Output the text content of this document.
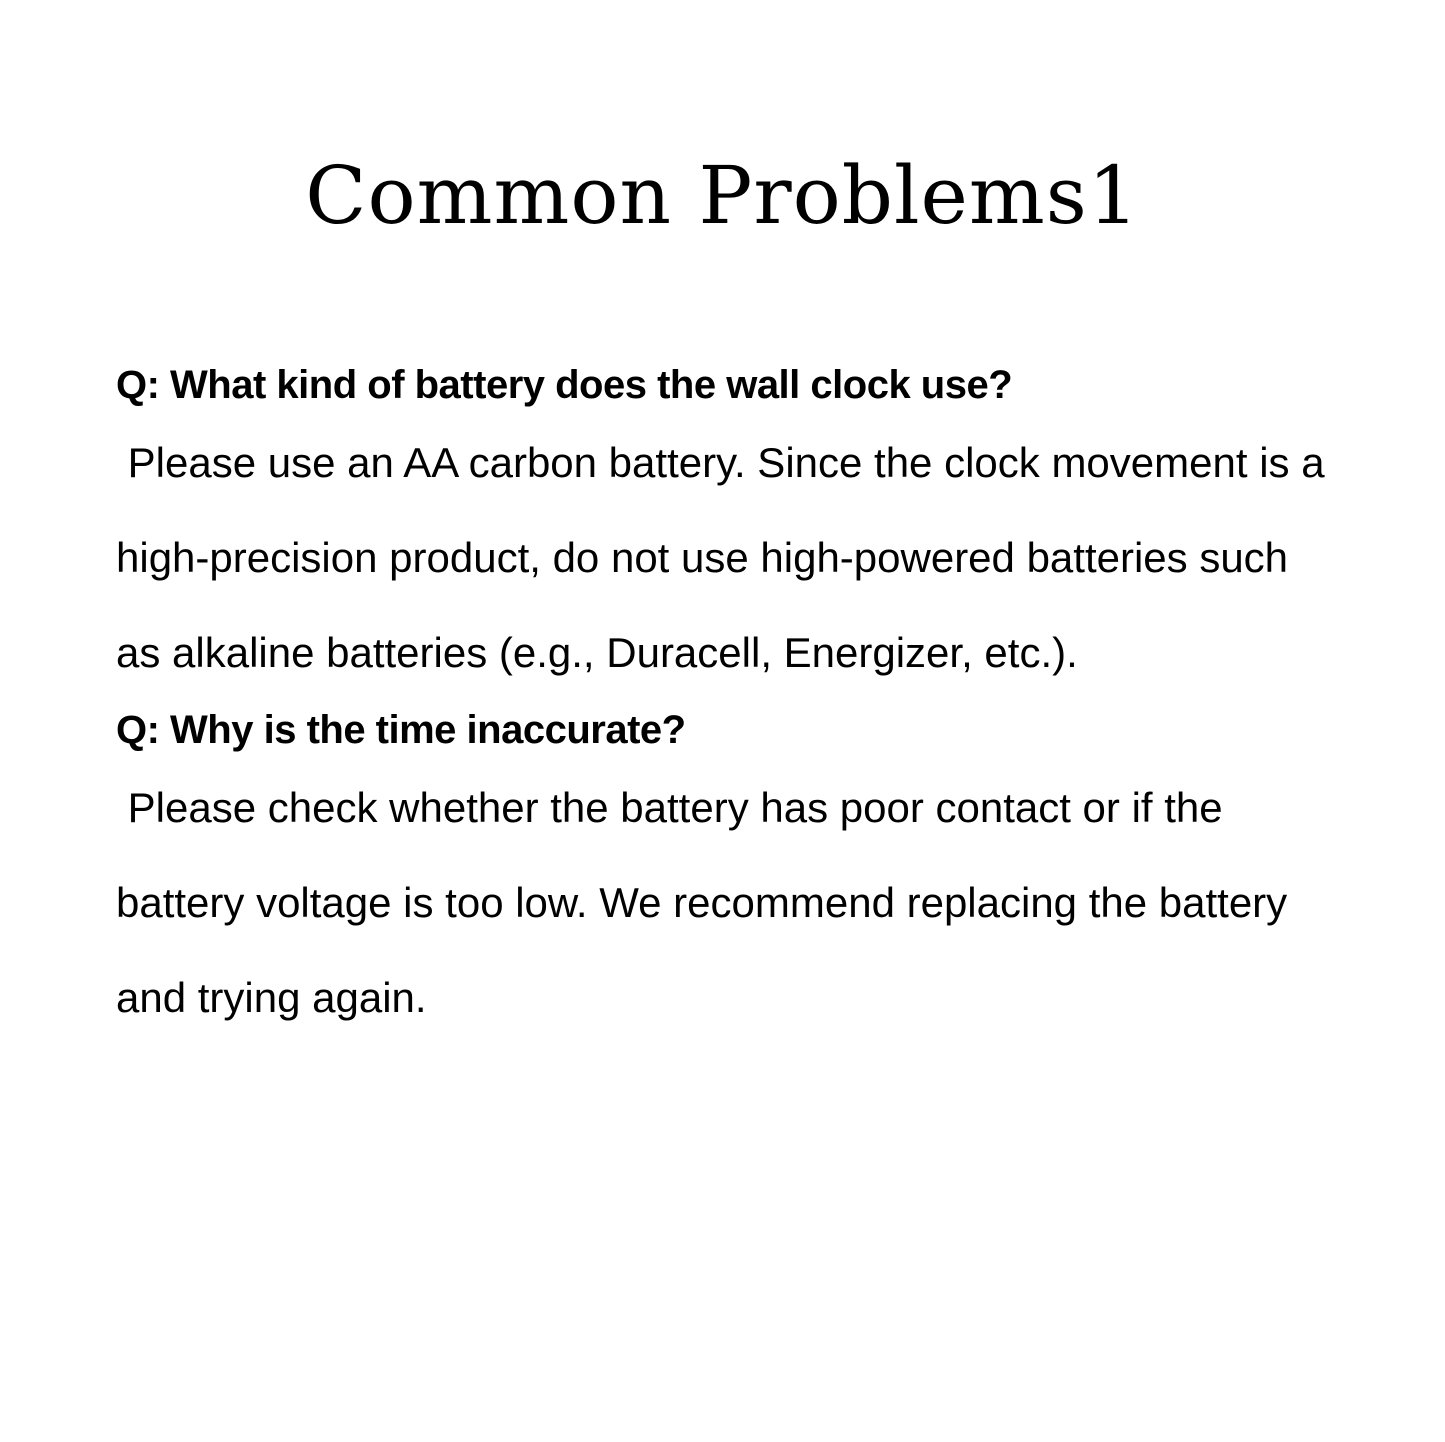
Common Problems1

Q: What kind of battery does the wall clock use?

Please use an AA carbon battery. Since the clock movement is a high-precision product, do not use high-powered batteries such as alkaline batteries (e.g., Duracell, Energizer, etc.).

Q: Why is the time inaccurate?

Please check whether the battery has poor contact or if the battery voltage is too low. We recommend replacing the battery and trying again.
